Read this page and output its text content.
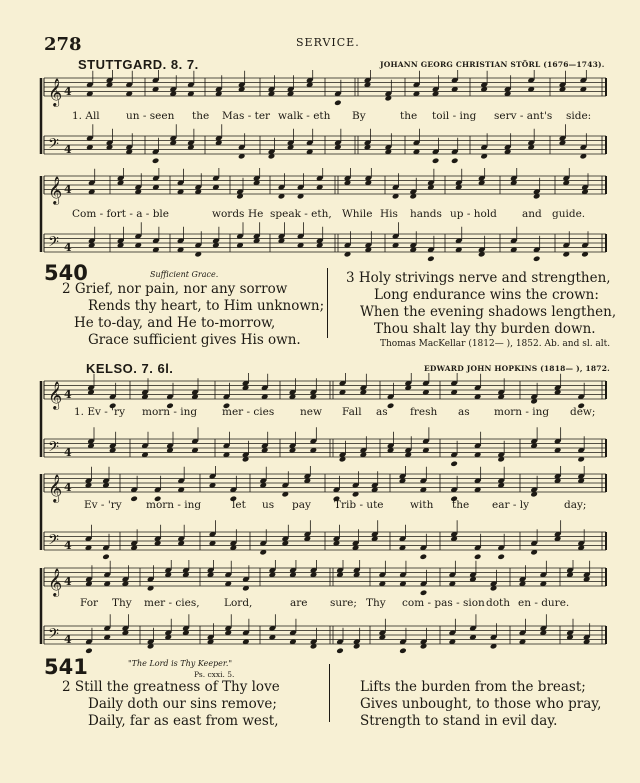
278	SERVICE.
STUTTGARD. 8. 7.	JOHANN GEORG CHRISTIAN STÖRL (1676—1743).
𝄞 4
𝄢 4
𝄞 4
𝄢 4
𝄞 4
𝄢 4
𝄞 4
𝄢 4
𝄞 4
𝄢 4
1. All	un - seen the Mas - ter walk - eth By	the toil - ing serv - ant's side:
Com - fort - a - ble	words He speak - eth, While His hands up - hold and guide.
540	Sufficient Grace.
2 Grief, nor pain, nor any sorrow
Rends thy heart, to Him unknown;
He to-day, and He to-morrow,
Grace sufficient gives His own.
3 Holy strivings nerve and strengthen,
Long endurance wins the crown:
When the evening shadows lengthen,
Thou shalt lay thy burden down.
Thomas MacKellar (1812— ), 1852. Ab. and sl. alt.
KELSO. 7. 6l.	EDWARD JOHN HOPKINS (1818— ), 1872.
1. Ev - 'ry morn - ing mer - cies new Fall as fresh as morn - ing dew;
Ev - 'ry morn - ing	let us pay Trib - ute	with the ear - ly	day;
For Thy mer - cies, Lord,	are sure; Thy com - pas - sion doth en - dure.
541	"The Lord is Thy Keeper."
Ps. cxxi. 5.
2 Still the greatness of Thy love
Daily doth our sins remove;
Daily, far as east from west,
Lifts the burden from the breast;
Gives unbought, to those who pray,
Strength to stand in evil day.
